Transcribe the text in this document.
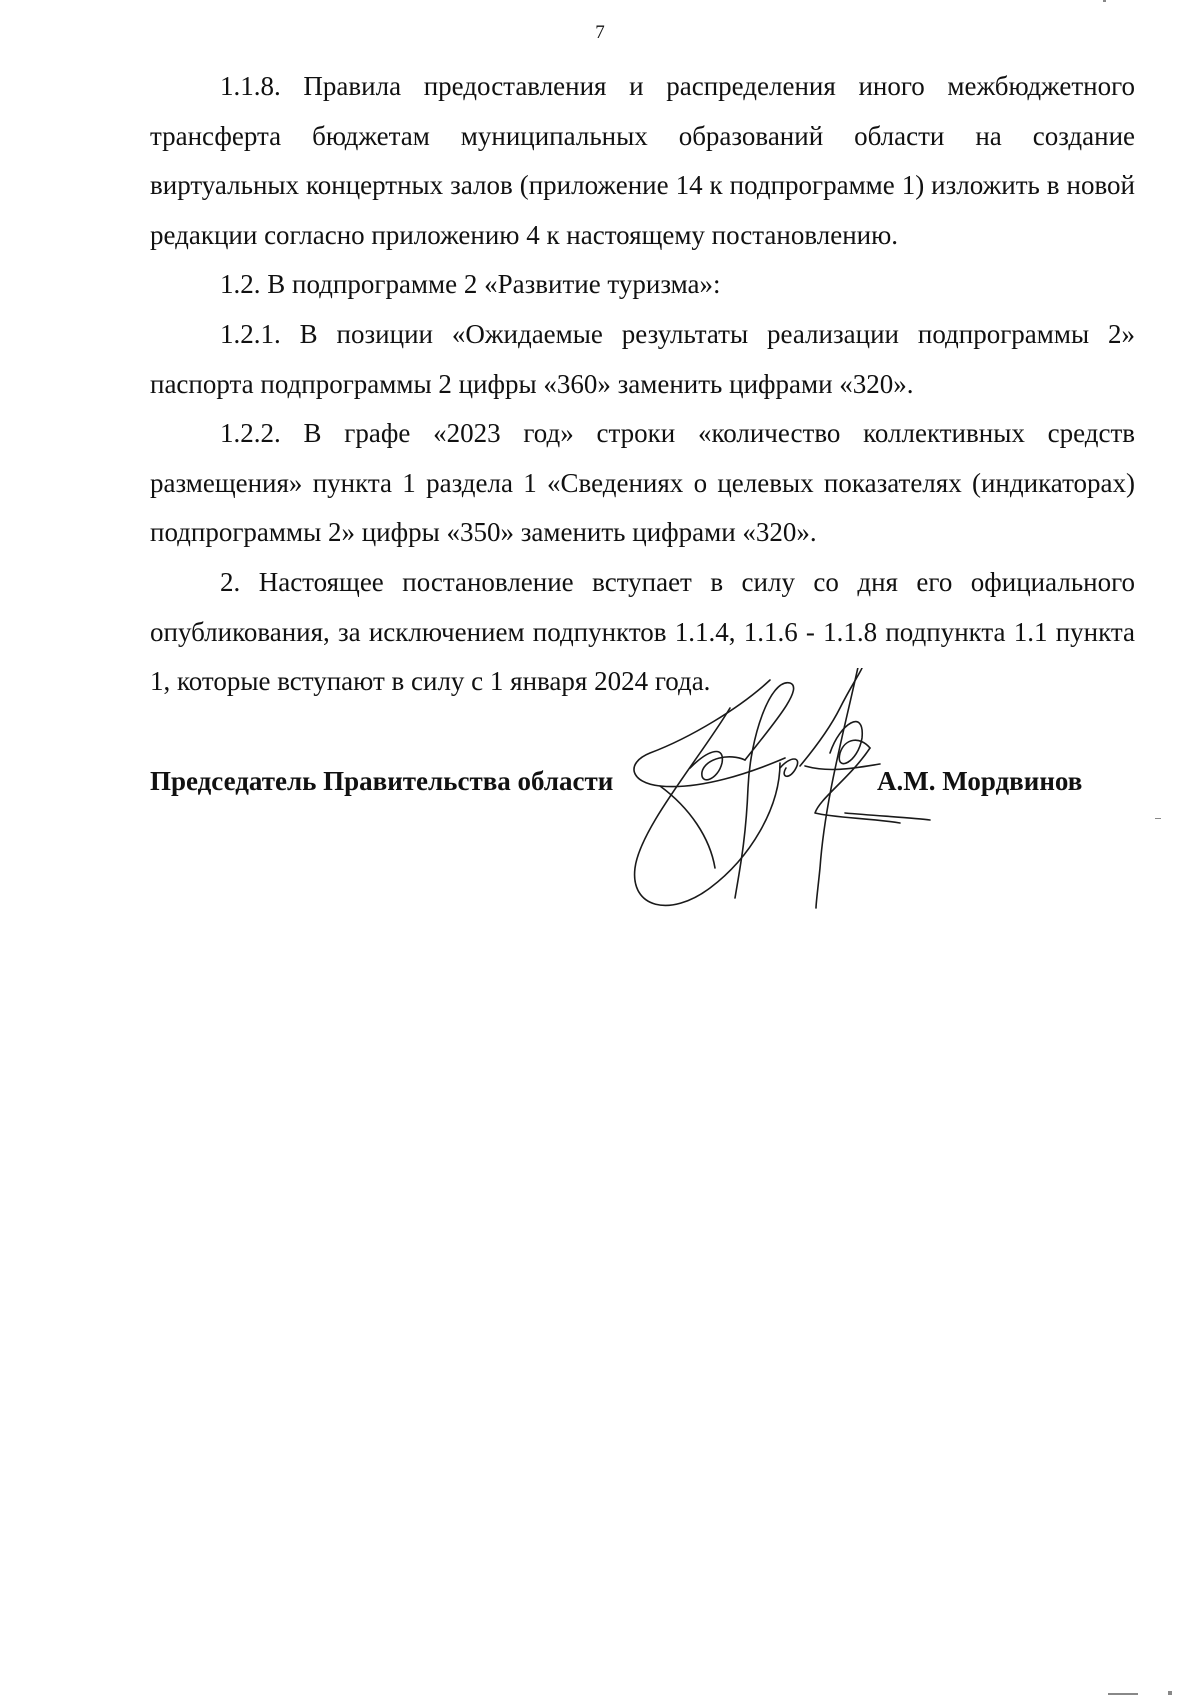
7

1.1.8. Правила предоставления и распределения иного межбюджетного трансферта бюджетам муниципальных образований области на создание виртуальных концертных залов (приложение 14 к подпрограмме 1) изложить в новой редакции согласно приложению 4 к настоящему постановлению.

1.2. В подпрограмме 2 «Развитие туризма»:

1.2.1. В позиции «Ожидаемые результаты реализации подпрограммы 2» паспорта подпрограммы 2 цифры «360» заменить цифрами «320».

1.2.2. В графе «2023 год» строки «количество коллективных средств размещения» пункта 1 раздела 1 «Сведениях о целевых показателях (индикаторах) подпрограммы 2» цифры «350» заменить цифрами «320».

2. Настоящее постановление вступает в силу со дня его официального опубликования, за исключением подпунктов 1.1.4, 1.1.6 - 1.1.8 подпункта 1.1 пункта 1, которые вступают в силу с 1 января 2024 года.

Председатель Правительства области	А.М. Мордвинов
